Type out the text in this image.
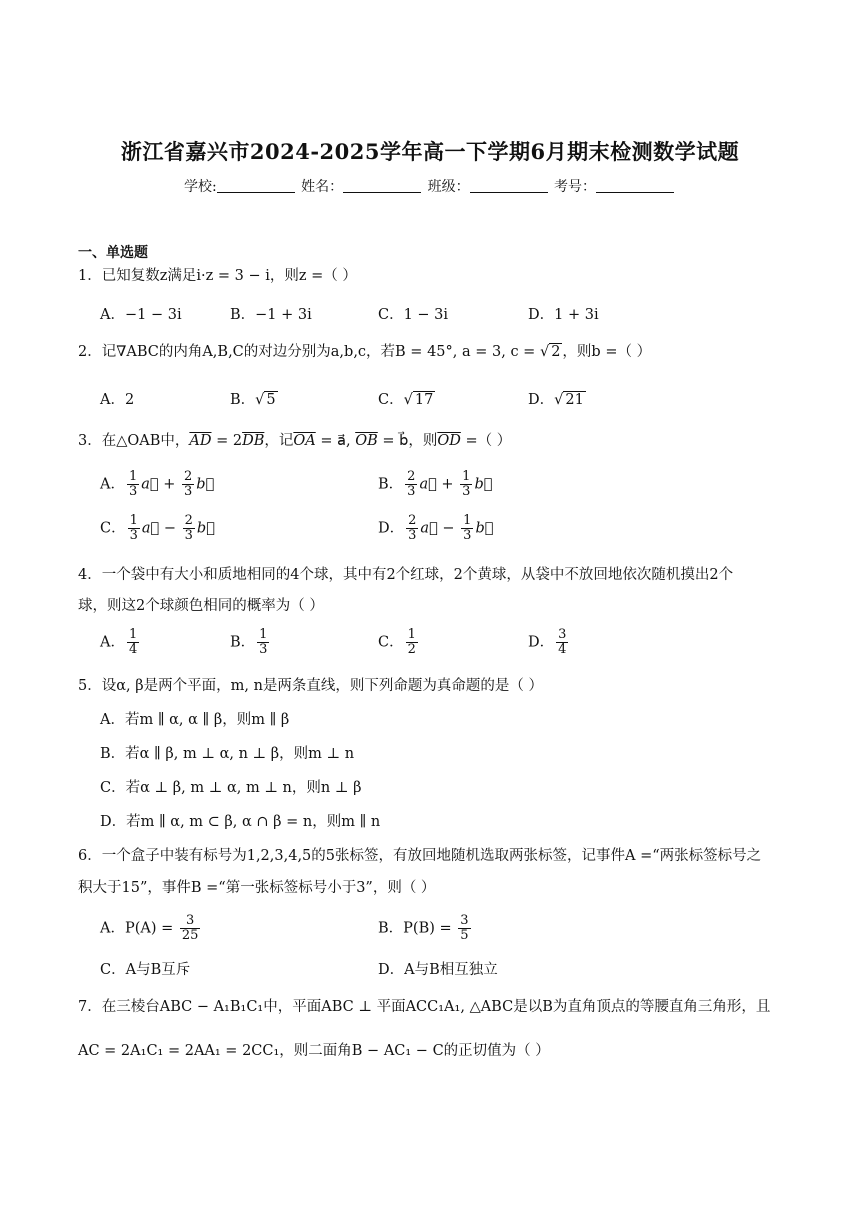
浙江省嘉兴市2024-2025学年高一下学期6月期末检测数学试题
学校:	姓名：	班级：	考号：
一、单选题
1．已知复数z满足i·z = 3 − i，则z =（ ）
A．−1 − 3i	B．−1 + 3i	C．1 − 3i	D．1 + 3i
2．记∇ABC的内角A,B,C的对边分别为a,b,c，若B = 45°, a = 3, c = √ 2 ，则b =（ ）
A．2	B．√ 5	C．√ 17	D．√ 21
3．在△OAB中，$\overline{AD} = 2\overline{DB}$，记$\overline{OA}$ = a⃗, $\overline{OB}$ = b⃗，则$\overline{OD}$ =（ ）
A． $\frac{1}{3}$ a⃗ + $\frac{2}{3}$ b⃗	B． $\frac{2}{3}$ a⃗ + $\frac{1}{3}$ b⃗
C． $\frac{1}{3}$ a⃗ − $\frac{2}{3}$ b⃗	D． $\frac{2}{3}$ a⃗ − $\frac{1}{3}$ b⃗
4．一个袋中有大小和质地相同的4个球，其中有2个红球，2个黄球，从袋中不放回地依次随机摸出2个
球，则这2个球颜色相同的概率为（ ）
A． $\frac{1}{4}$	B． $\frac{1}{3}$	C． $\frac{1}{2}$	D． $\frac{3}{4}$
5．设α, β是两个平面，m, n是两条直线，则下列命题为真命题的是（ ）
A．若m ∥ α, α ∥ β，则m ∥ β
B．若α ∥ β, m ⊥ α, n ⊥ β，则m ⊥ n
C．若α ⊥ β, m ⊥ α, m ⊥ n，则n ⊥ β
D．若m ∥ α, m ⊂ β, α ∩ β = n，则m ∥ n
6．一个盒子中装有标号为1,2,3,4,5的5张标签，有放回地随机选取两张标签，记事件A =“两张标签标号之
积大于15”，事件B =“第一张标签标号小于3”，则（ ）
A．$P(A) = \frac{3}{25}$	B．$P(B) = \frac{3}{5}$
C．A与B互斥	D．A与B相互独立
7．在三棱台ABC − A₁B₁C₁中，平面ABC ⊥ 平面ACC₁A₁, △ABC是以B为直角顶点的等腰直角三角形，且
AC = 2A₁C₁ = 2AA₁ = 2CC₁，则二面角B − AC₁ − C的正切值为（ ）
